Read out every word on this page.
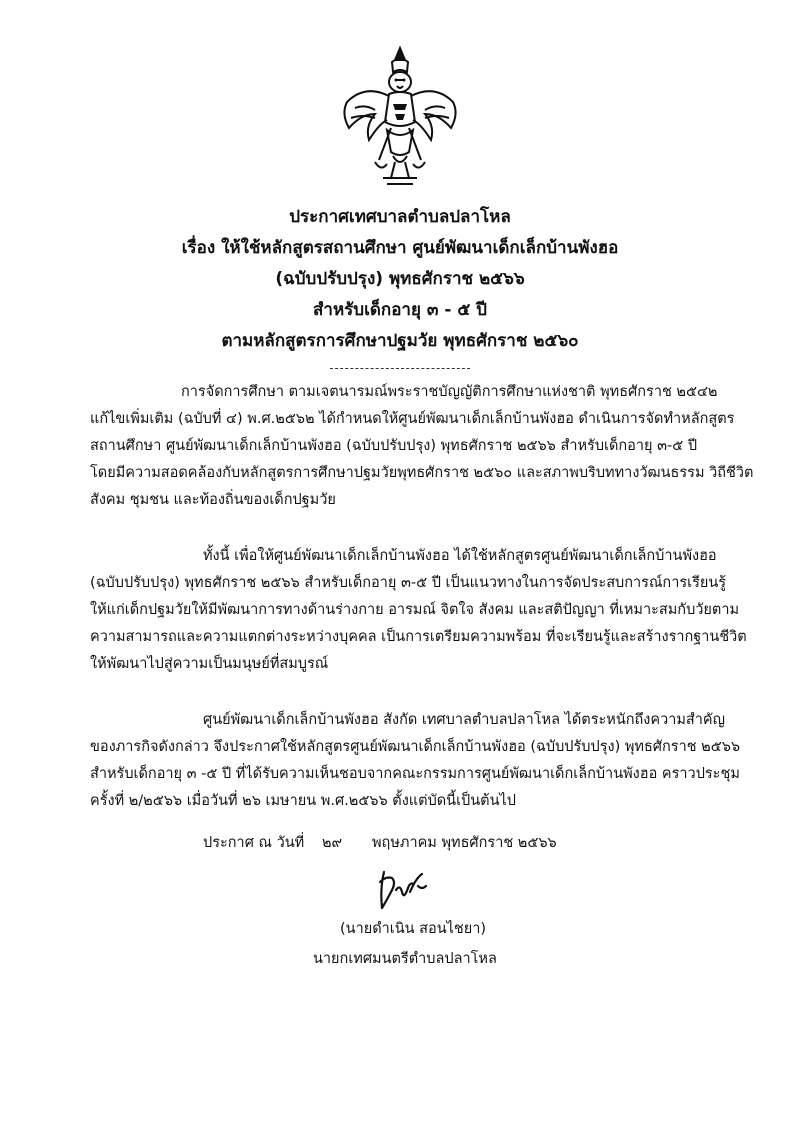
ประกาศเทศบาลตำบลปลาโหล
เรื่อง ให้ใช้หลักสูตรสถานศึกษา ศูนย์พัฒนาเด็กเล็กบ้านพังฮอ
(ฉบับปรับปรุง) พุทธศักราช ๒๕๖๖
สำหรับเด็กอายุ ๓ - ๕ ปี
ตามหลักสูตรการศึกษาปฐมวัย พุทธศักราช ๒๕๖๐
การจัดการศึกษา ตามเจตนารมณ์พระราชบัญญัติการศึกษาแห่งชาติ พุทธศักราช ๒๕๔๒
แก้ไขเพิ่มเติม (ฉบับที่ ๔) พ.ศ.๒๕๖๒ ได้กำหนดให้ศูนย์พัฒนาเด็กเล็กบ้านพังฮอ ดำเนินการจัดทำหลักสูตร
สถานศึกษา ศูนย์พัฒนาเด็กเล็กบ้านพังฮอ (ฉบับปรับปรุง) พุทธศักราช ๒๕๖๖ สำหรับเด็กอายุ ๓-๕ ปี
โดยมีความสอดคล้องกับหลักสูตรการศึกษาปฐมวัยพุทธศักราช ๒๕๖๐ และสภาพบริบททางวัฒนธรรม วิถีชีวิต
สังคม ชุมชน และท้องถิ่นของเด็กปฐมวัย
ทั้งนี้ เพื่อให้ศูนย์พัฒนาเด็กเล็กบ้านพังฮอ ได้ใช้หลักสูตรศูนย์พัฒนาเด็กเล็กบ้านพังฮอ
(ฉบับปรับปรุง) พุทธศักราช ๒๕๖๖ สำหรับเด็กอายุ ๓-๕ ปี เป็นแนวทางในการจัดประสบการณ์การเรียนรู้
ให้แก่เด็กปฐมวัยให้มีพัฒนาการทางด้านร่างกาย อารมณ์ จิตใจ สังคม และสติปัญญา ที่เหมาะสมกับวัยตาม
ความสามารถและความแตกต่างระหว่างบุคคล เป็นการเตรียมความพร้อม ที่จะเรียนรู้และสร้างรากฐานชีวิต
ให้พัฒนาไปสู่ความเป็นมนุษย์ที่สมบูรณ์
ศูนย์พัฒนาเด็กเล็กบ้านพังฮอ สังกัด เทศบาลตำบลปลาโหล ได้ตระหนักถึงความสำคัญ
ของภารกิจดังกล่าว จึงประกาศใช้หลักสูตรศูนย์พัฒนาเด็กเล็กบ้านพังฮอ (ฉบับปรับปรุง) พุทธศักราช ๒๕๖๖
สำหรับเด็กอายุ ๓ -๕ ปี ที่ได้รับความเห็นชอบจากคณะกรรมการศูนย์พัฒนาเด็กเล็กบ้านพังฮอ คราวประชุม
ครั้งที่ ๒/๒๕๖๖ เมื่อวันที่ ๒๖ เมษายน พ.ศ.๒๕๖๖ ตั้งแต่บัดนี้เป็นต้นไป
ประกาศ ณ วันที่ ๒๙ พฤษภาคม พุทธศักราช ๒๕๖๖
(นายดำเนิน สอนไชยา)
นายกเทศมนตรีตำบลปลาโหล
